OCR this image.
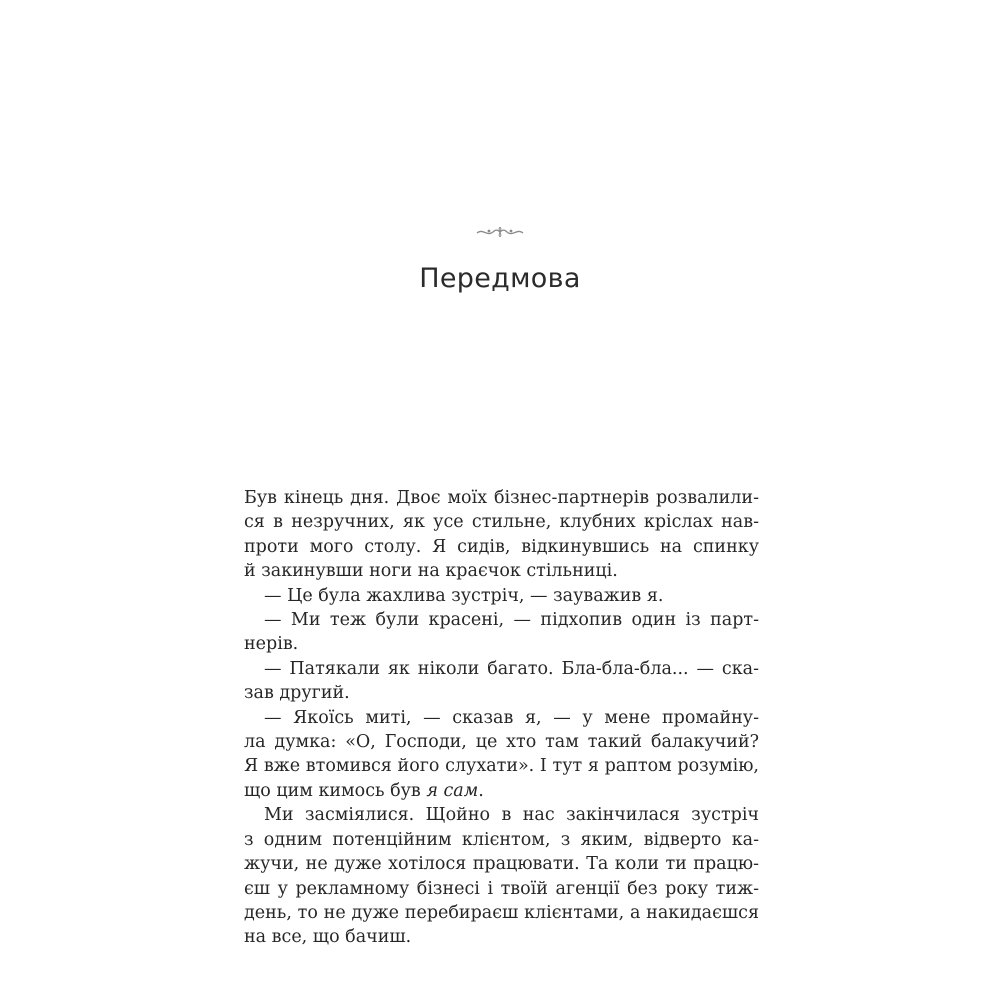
Передмова
Був кінець дня. Двоє моїх бізнес-партнерів розвалили-
ся в незручних, як усе стильне, клубних кріслах нав-
проти мого столу. Я сидів, відкинувшись на спинку
й закинувши ноги на краєчок стільниці.
— Це була жахлива зустріч, — зауважив я.
— Ми теж були красені, — підхопив один із парт-
нерів.
— Патякали як ніколи багато. Бла-бла-бла... — ска-
зав другий.
— Якоїсь миті, — сказав я, — у мене промайну-
ла думка: «О, Господи, це хто там такий балакучий?
Я вже втомився його слухати». І тут я раптом розумію,
що цим кимось був я сам.
Ми засміялися. Щойно в нас закінчилася зустріч
з одним потенційним клієнтом, з яким, відверто ка-
жучи, не дуже хотілося працювати. Та коли ти працю-
єш у рекламному бізнесі і твоїй агенції без року тиж-
день, то не дуже перебираєш клієнтами, а накидаєшся
на все, що бачиш.
